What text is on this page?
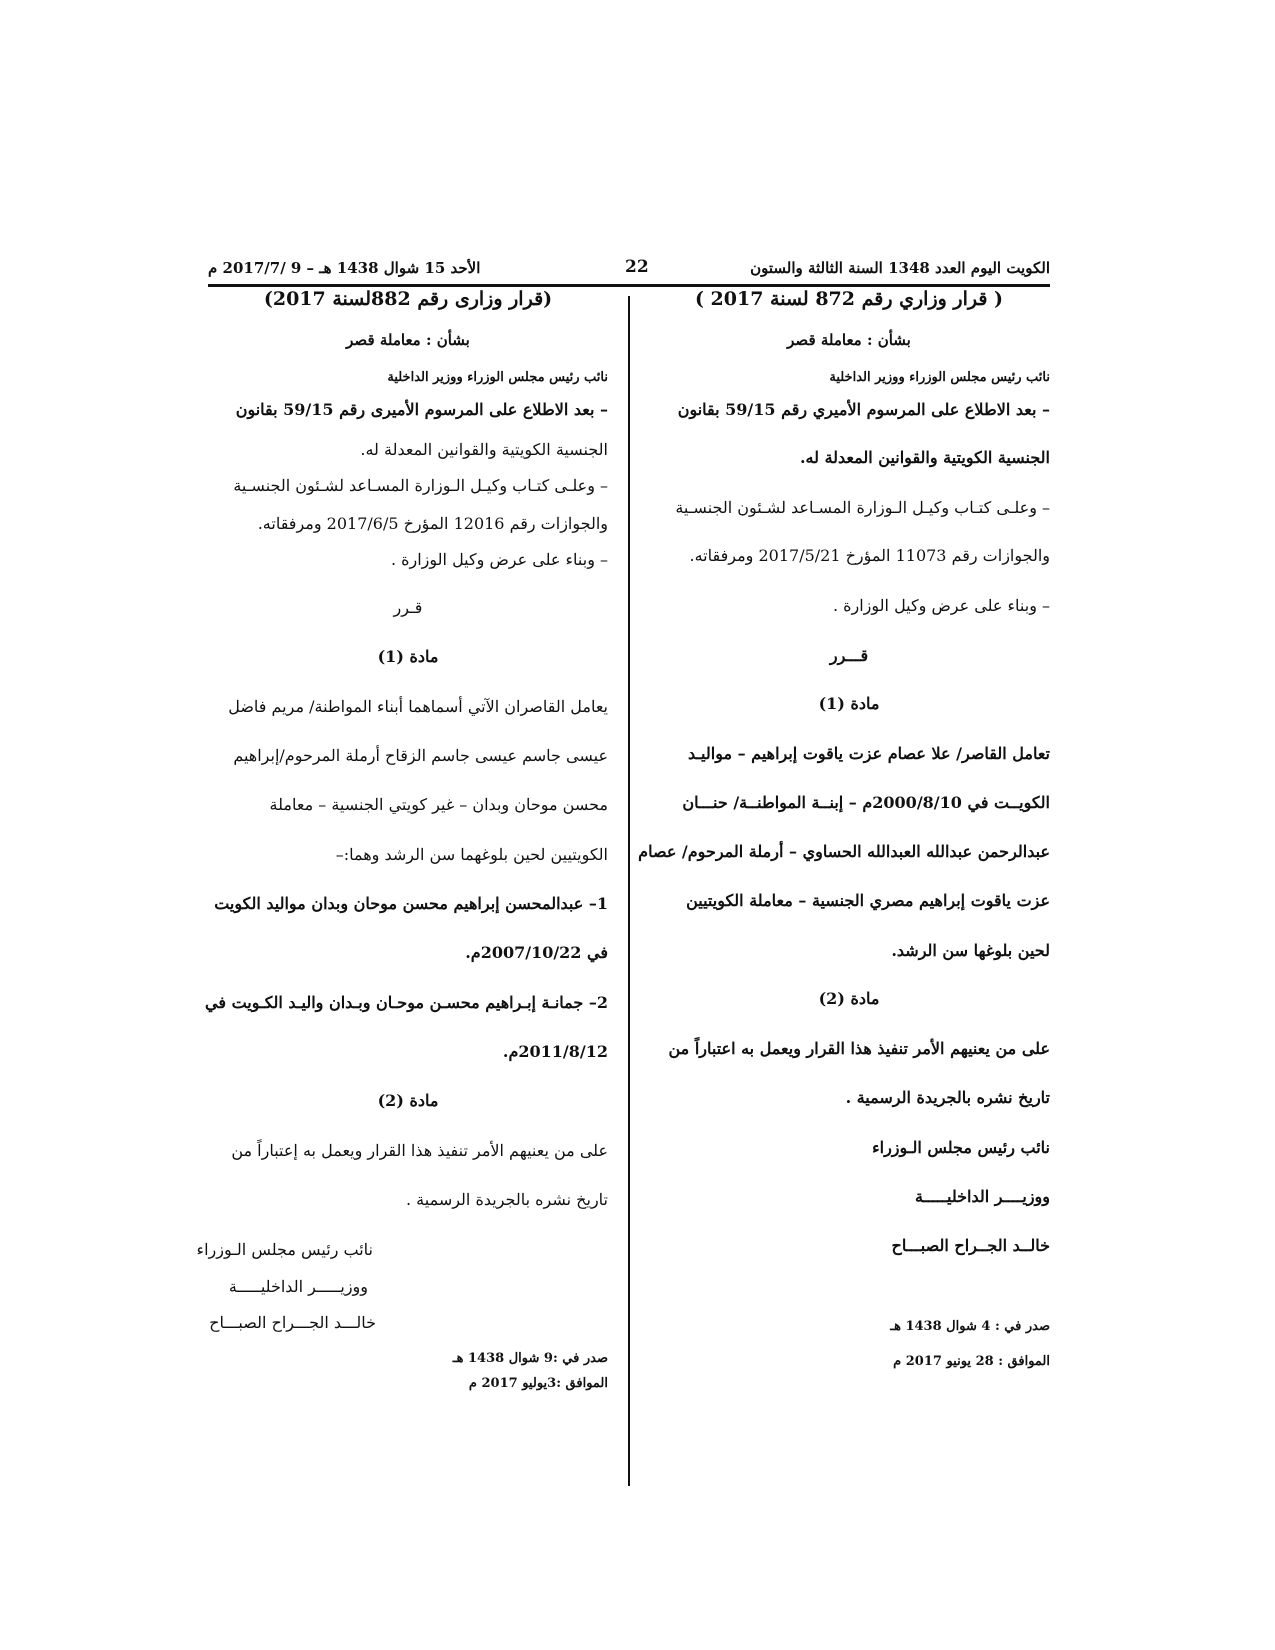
الكويت اليوم العدد 1348 السنة الثالثة والستون
22
الأحد 15 شوال 1438 هـ – 9 /2017/7 م
( قرار وزاري رقم 872 لسنة 2017 )
بشأن : معاملة قصر
نائب رئيس مجلس الوزراء ووزير الداخلية
– بعد الاطلاع على المرسوم الأميري رقم 59/15 بقانون
الجنسية الكويتية والقوانين المعدلة له.
– وعلـى كتـاب وكيـل الـوزارة المسـاعد لشـئون الجنسـية
والجوازات رقم 11073 المؤرخ 2017/5/21 ومرفقاته.
– وبناء على عرض وكيل الوزارة .
قـــرر
مادة (1)
تعامل القاصر/ علا عصام عزت ياقوت إبراهيم – مواليـد
الكويــت في 2000/8/10م – إبنــة المواطنــة/ حنـــان
عبدالرحمن عبدالله العبدالله الحساوي – أرملة المرحوم/ عصام
عزت ياقوت إبراهيم مصري الجنسية – معاملة الكويتيين
لحين بلوغها سن الرشد.
مادة (2)
على من يعنيهم الأمر تنفيذ هذا القرار ويعمل به اعتباراً من
تاريخ نشره بالجريدة الرسمية .
نائب رئيس مجلس الـوزراء
ووزيــــر الداخليـــــة
خالــد الجــراح الصبـــاح
صدر في : 4 شوال 1438 هـ
الموافق : 28 يونيو 2017 م
(قرار وزارى رقم 882لسنة 2017)
بشأن : معاملة قصر
نائب رئيس مجلس الوزراء ووزير الداخلية
– بعد الاطلاع على المرسوم الأميرى رقم 59/15 بقانون
الجنسية الكويتية والقوانين المعدلة له.
– وعلـى كتـاب وكيـل الـوزارة المسـاعد لشـئون الجنسـية
والجوازات رقم 12016 المؤرخ 2017/6/5 ومرفقاته.
– وبناء على عرض وكيل الوزارة .
قـرر
مادة (1)
يعامل القاصران الآتي أسماهما أبناء المواطنة/ مريم فاضل
عيسى جاسم عيسى جاسم الزقاح أرملة المرحوم/إبراهيم
محسن موحان وبدان – غير كويتي الجنسية – معاملة
الكويتيين لحين بلوغهما سن الرشد وهما:–
1– عبدالمحسن إبراهيم محسن موحان وبدان مواليد الكويت
في 2007/10/22م.
2– جمانـة إبـراهيم محسـن موحـان وبـدان واليـد الكـويت في
2011/8/12م.
مادة (2)
على من يعنيهم الأمر تنفيذ هذا القرار ويعمل به إعتباراً من
تاريخ نشره بالجريدة الرسمية .
نائب رئيس مجلس الـوزراء
ووزيـــــر الداخليـــــة
خالـــد الجـــراح الصبـــاح
صدر في :9 شوال 1438 هـ
الموافق :3يوليو 2017 م
